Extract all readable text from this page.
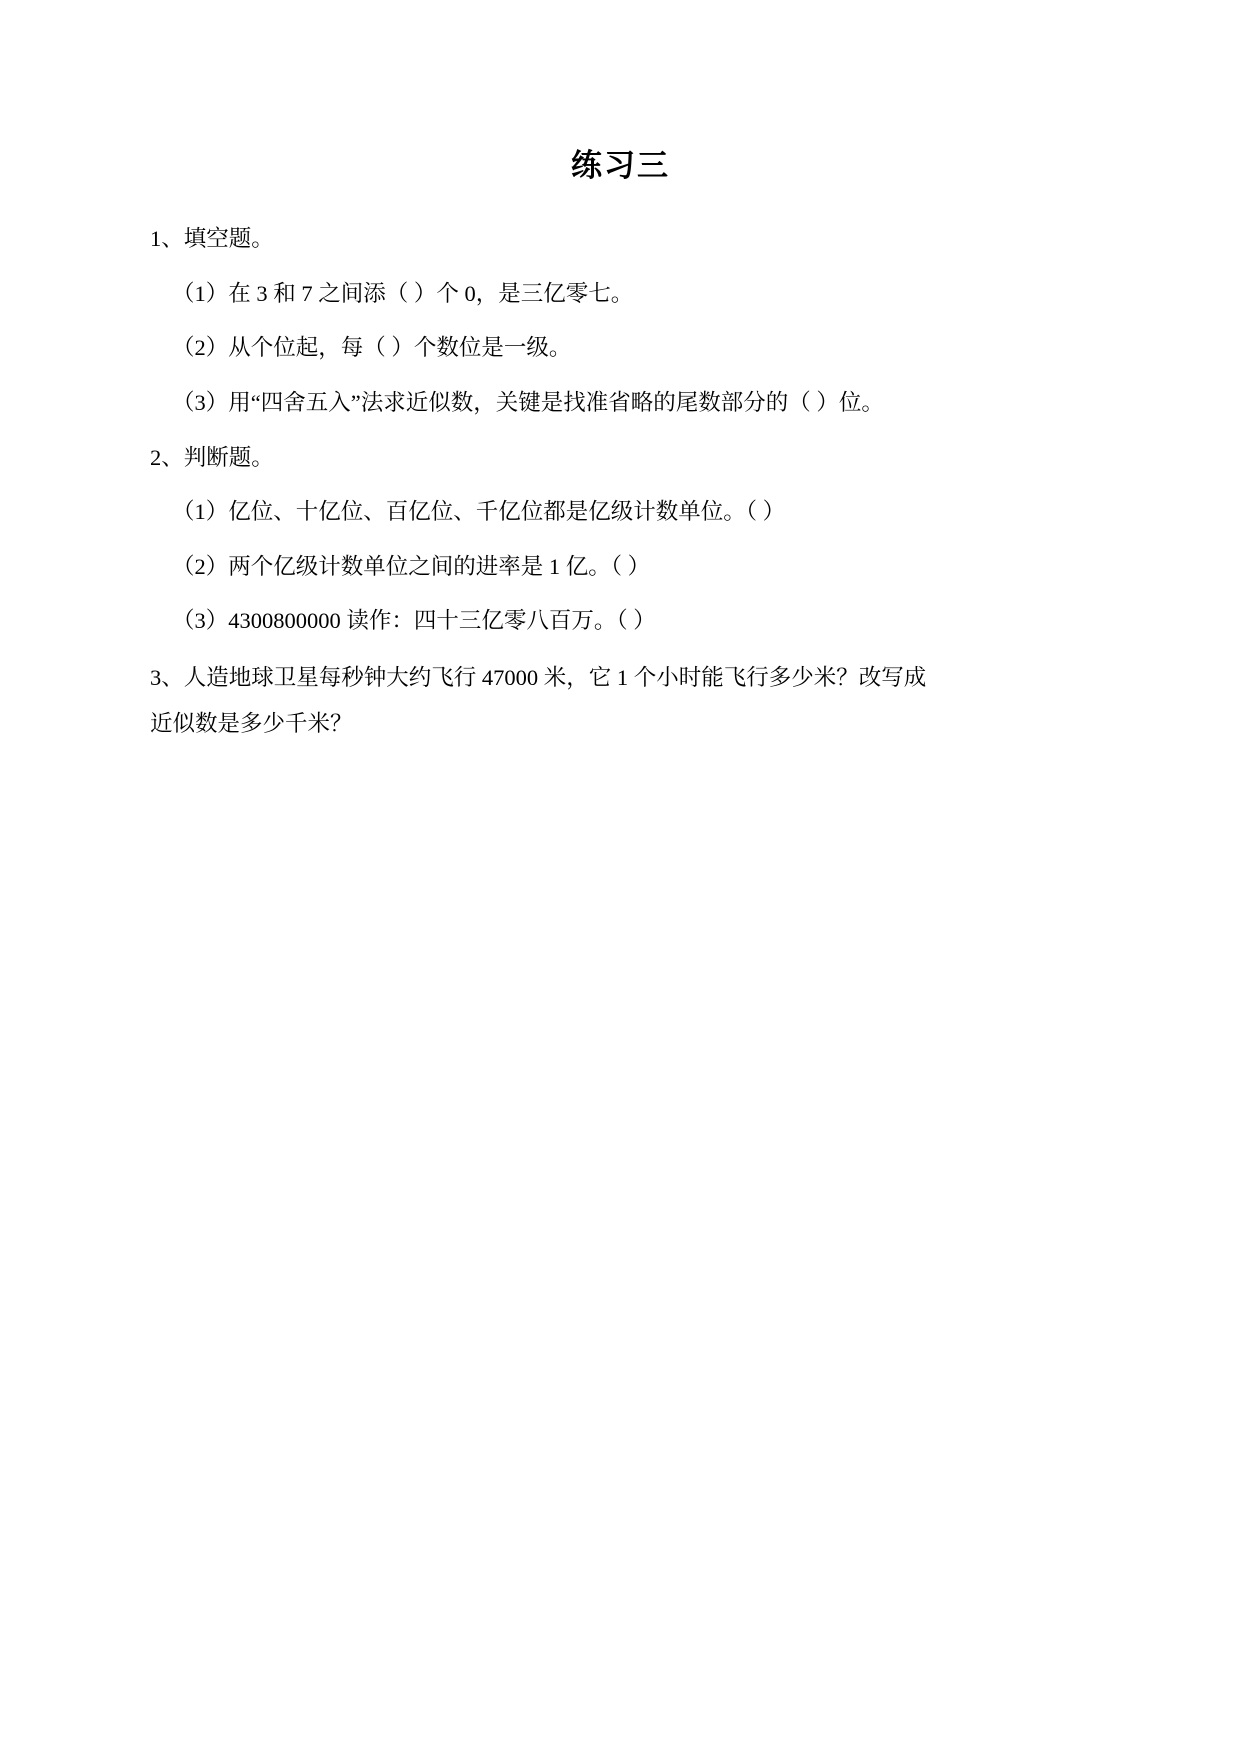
练习三

1、填空题。

（1）在 3 和 7 之间添（ ）个 0，是三亿零七。

（2）从个位起，每（ ）个数位是一级。

（3）用“四舍五入”法求近似数，关键是找准省略的尾数部分的（ ）位。

2、判断题。

（1）亿位、十亿位、百亿位、千亿位都是亿级计数单位。（ ）

（2）两个亿级计数单位之间的进率是 1 亿。（ ）

（3）4300800000 读作：四十三亿零八百万。（ ）

3、人造地球卫星每秒钟大约飞行 47000 米，它 1 个小时能飞行多少米？改写成

近似数是多少千米？
